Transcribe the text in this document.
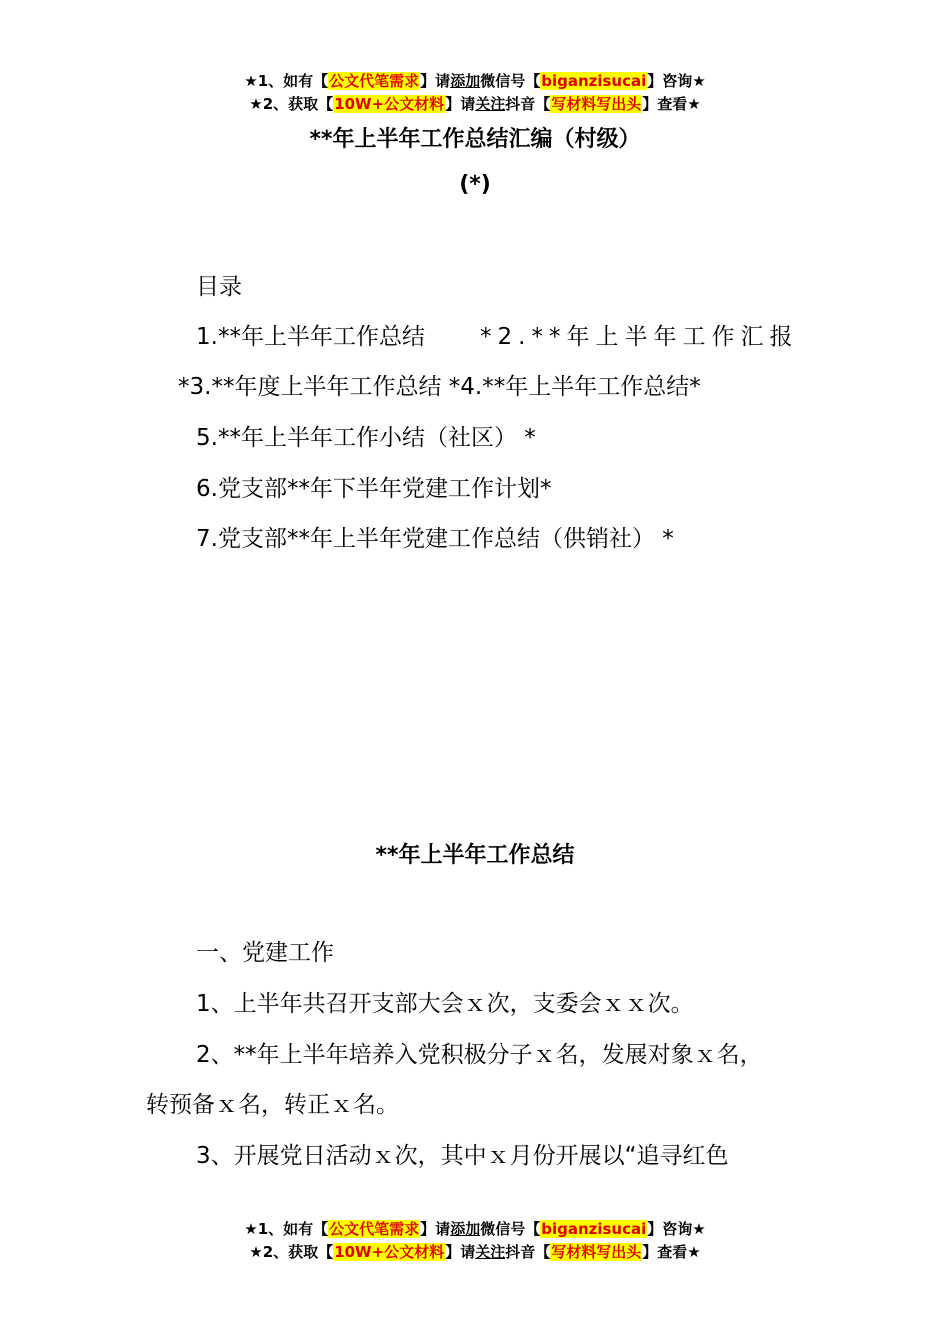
★1、如有【公文代笔需求】请添加微信号【biganzisucai】咨询★
★2、获取【10W+公文材料】请关注抖音【写材料写出头】查看★
**年上半年工作总结汇编（村级）
(*)
目录
1.**年上半年工作总结 *2.**年上半年工作汇报
*3.**年度上半年工作总结 *4.**年上半年工作总结*
5.**年上半年工作小结（社区） *
6.党支部**年下半年党建工作计划*
7.党支部**年上半年党建工作总结（供销社） *
**年上半年工作总结
一、党建工作
1、上半年共召开支部大会ｘ次，支委会ｘｘ次。
2、**年上半年培养入党积极分子ｘ名，发展对象ｘ名，
转预备ｘ名，转正ｘ名。
3、开展党日活动ｘ次，其中ｘ月份开展以“追寻红色
★1、如有【公文代笔需求】请添加微信号【biganzisucai】咨询★
★2、获取【10W+公文材料】请关注抖音【写材料写出头】查看★
